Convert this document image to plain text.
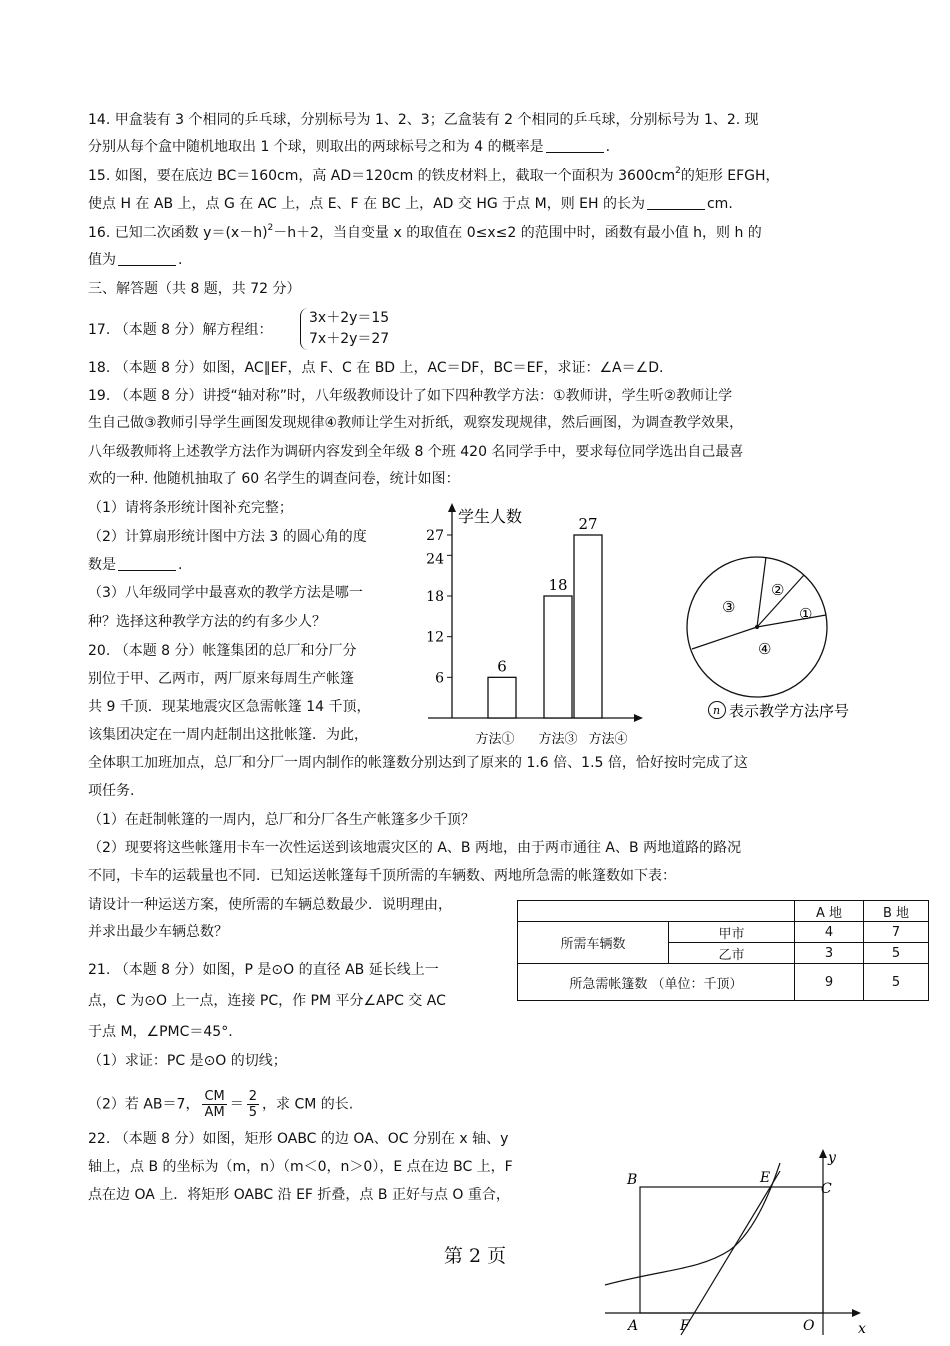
14. 甲盒装有 3 个相同的乒乓球，分别标号为 1、2、3；乙盒装有 2 个相同的乒乓球，分别标号为 1、2. 现
分别从每个盒中随机地取出 1 个球，则取出的两球标号之和为 4 的概率是	.
15. 如图，要在底边 BC＝160cm，高 AD＝120cm 的铁皮材料上，截取一个面积为 $3600cm^2$的矩形 EFGH，
使点 H 在 AB 上，点 G 在 AC 上，点 E、F 在 BC 上，AD 交 HG 于点 M，则 EH 的长为	cm.
16. 已知二次函数 $y=(x-h)^2-h+2$，当自变量 x 的取值在 0≤x≤2 的范围中时，函数有最小值 h，则 h 的
值为	.
三、解答题（共 8 题，共 72 分）
17. （本题 8 分）解方程组：
3x＋2y＝15
7x＋2y＝27
18. （本题 8 分）如图，AC∥EF，点 F、C 在 BD 上，AC＝DF，BC＝EF，求证：∠A＝∠D.
19. （本题 8 分）讲授“轴对称”时，八年级教师设计了如下四种教学方法：①教师讲，学生听②教师让学
生自己做③教师引导学生画图发现规律④教师让学生对折纸，观察发现规律，然后画图，为调查教学效果，
八年级教师将上述教学方法作为调研内容发到全年级 8 个班 420 名同学手中，要求每位同学选出自己最喜
欢的一种. 他随机抽取了 60 名学生的调查问卷，统计如图：
（1）请将条形统计图补充完整；
（2）计算扇形统计图中方法 3 的圆心角的度
数是	.
（3）八年级同学中最喜欢的教学方法是哪一
种？选择这种教学方法的约有多少人？
学生人数
6
12
18
24
27
6
方法①
18
方法③
27
方法④
①
②
③
④
n 表示教学方法序号
20. （本题 8 分）帐篷集团的总厂和分厂分
别位于甲、乙两市，两厂原来每周生产帐篷
共 9 千顶．现某地震灾区急需帐篷 14 千顶，
该集团决定在一周内赶制出这批帐篷．为此，
全体职工加班加点，总厂和分厂一周内制作的帐篷数分别达到了原来的 1.6 倍、1.5 倍，恰好按时完成了这
项任务.
（1）在赶制帐篷的一周内，总厂和分厂各生产帐篷多少千顶？
（2）现要将这些帐篷用卡车一次性运送到该地震灾区的 A、B 两地，由于两市通往 A、B 两地道路的路况
不同，卡车的运载量也不同．已知运送帐篷每千顶所需的车辆数、两地所急需的帐篷数如下表：
请设计一种运送方案，使所需的车辆总数最少．说明理由，
并求出最少车辆总数？
		A 地	B 地
所需车辆数	甲市	4	7
	乙市	3	5
所急需帐篷数 （单位：千顶）		9	5
21. （本题 8 分）如图，P 是⊙O 的直径 AB 延长线上一
点，C 为⊙O 上一点，连接 PC，作 PM 平分∠APC 交 AC
于点 M，∠PMC＝45°.
（1）求证：PC 是⊙O 的切线；
（2）若 AB＝7， $\frac{CM}{AM} = \frac{2}{5}$ ，求 CM 的长.
22. （本题 8 分）如图，矩形 OABC 的边 OA、OC 分别在 x 轴、y
轴上，点 B 的坐标为（m，n）（m＜0，n＞0），E 点在边 BC 上，F
点在边 OA 上．将矩形 OABC 沿 EF 折叠，点 B 正好与点 O 重合，
B	E
C
y
A	F	O	x
第 2 页
